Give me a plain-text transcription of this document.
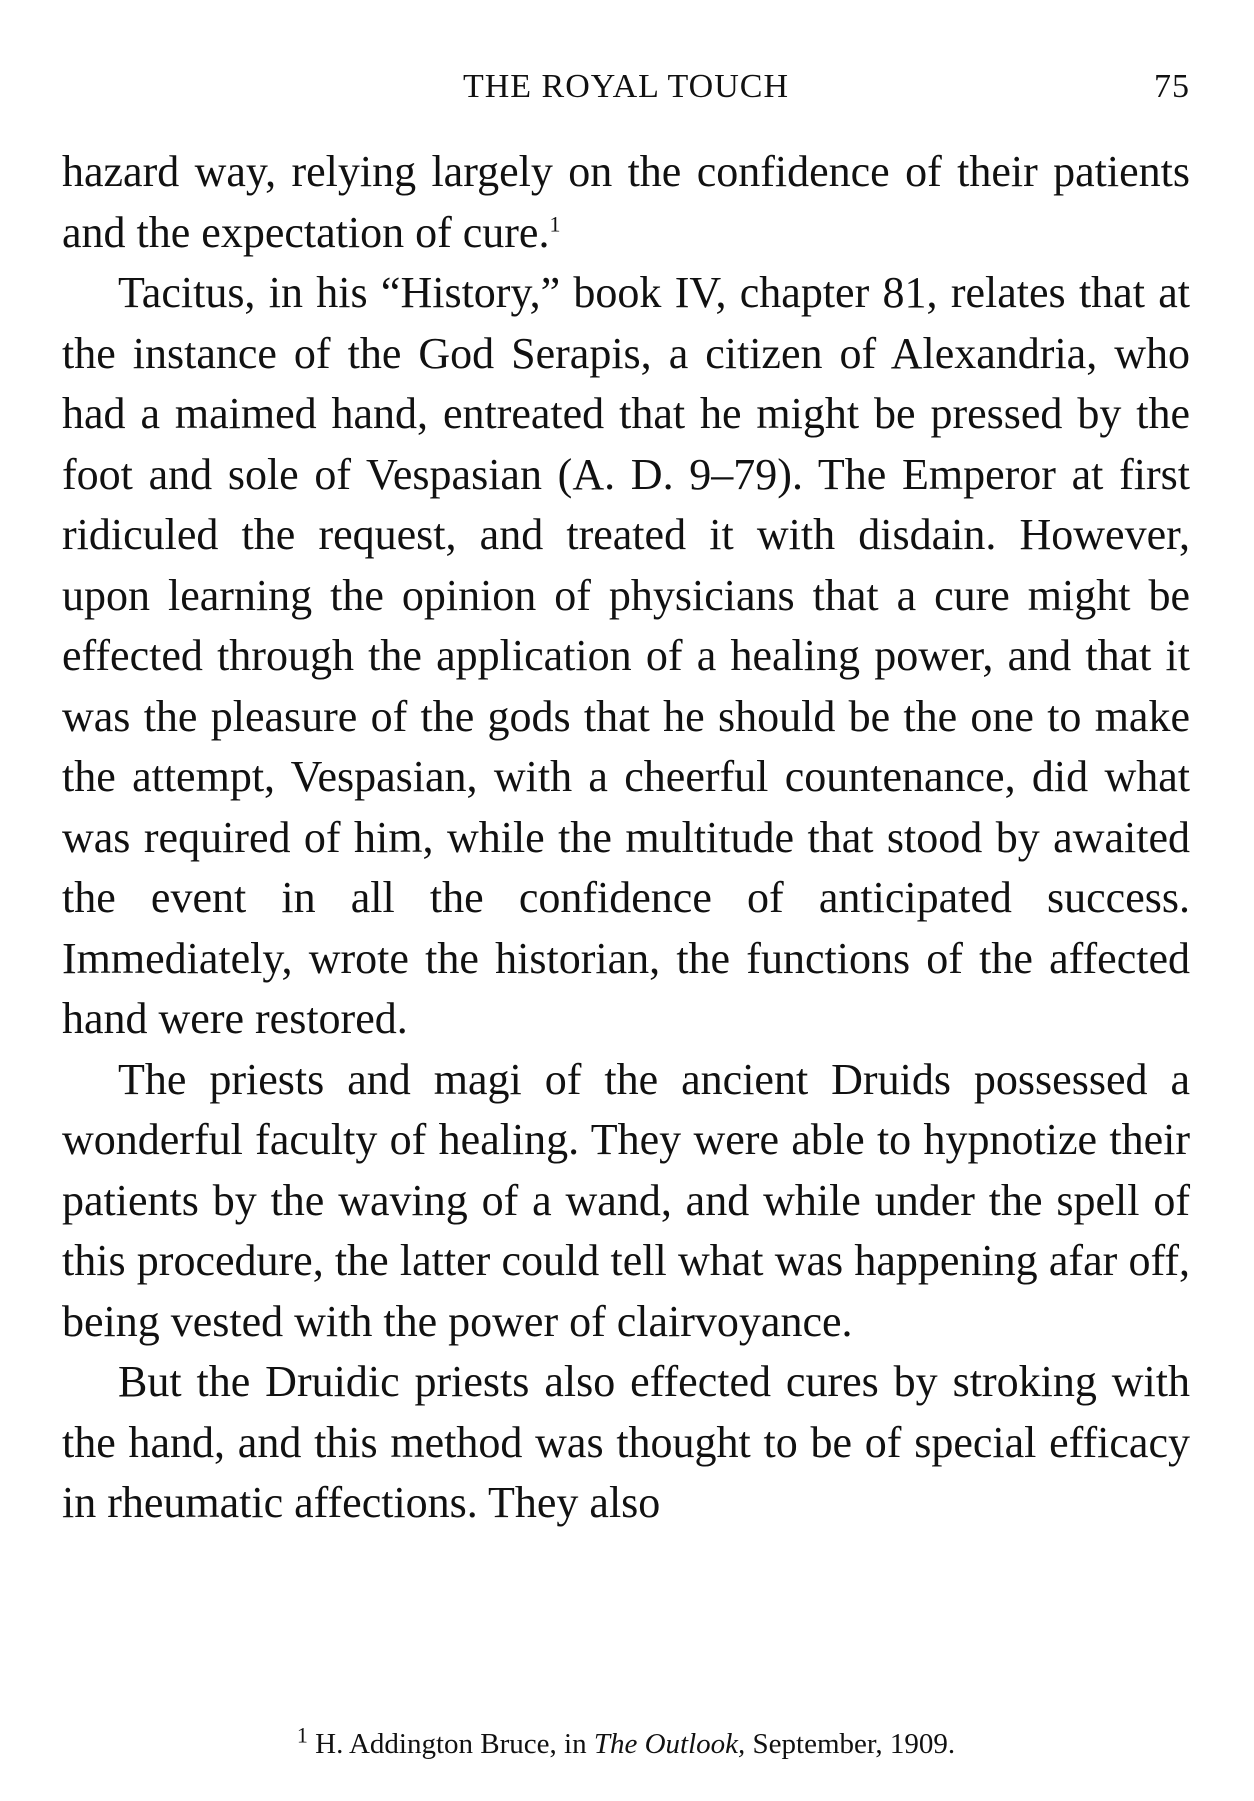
THE ROYAL TOUCH	75

hazard way, relying largely on the confidence of their patients and the expectation of cure.$^1$

Tacitus, in his “History,” book IV, chapter 81, relates that at the instance of the God Serapis, a citizen of Alexandria, who had a maimed hand, entreated that he might be pressed by the foot and sole of Vespasian (A. D. 9–79). The Emperor at first ridiculed the request, and treated it with disdain. However, upon learning the opinion of physicians that a cure might be effected through the application of a healing power, and that it was the pleasure of the gods that he should be the one to make the attempt, Vespasian, with a cheerful countenance, did what was required of him, while the multitude that stood by awaited the event in all the confidence of anticipated success. Immediately, wrote the historian, the functions of the affected hand were restored.

The priests and magi of the ancient Druids possessed a wonderful faculty of healing. They were able to hypnotize their patients by the waving of a wand, and while under the spell of this procedure, the latter could tell what was happening afar off, being vested with the power of clairvoyance.

But the Druidic priests also effected cures by stroking with the hand, and this method was thought to be of special efficacy in rheumatic affections. They also

$^1$ H. Addington Bruce, in The Outlook, September, 1909.
